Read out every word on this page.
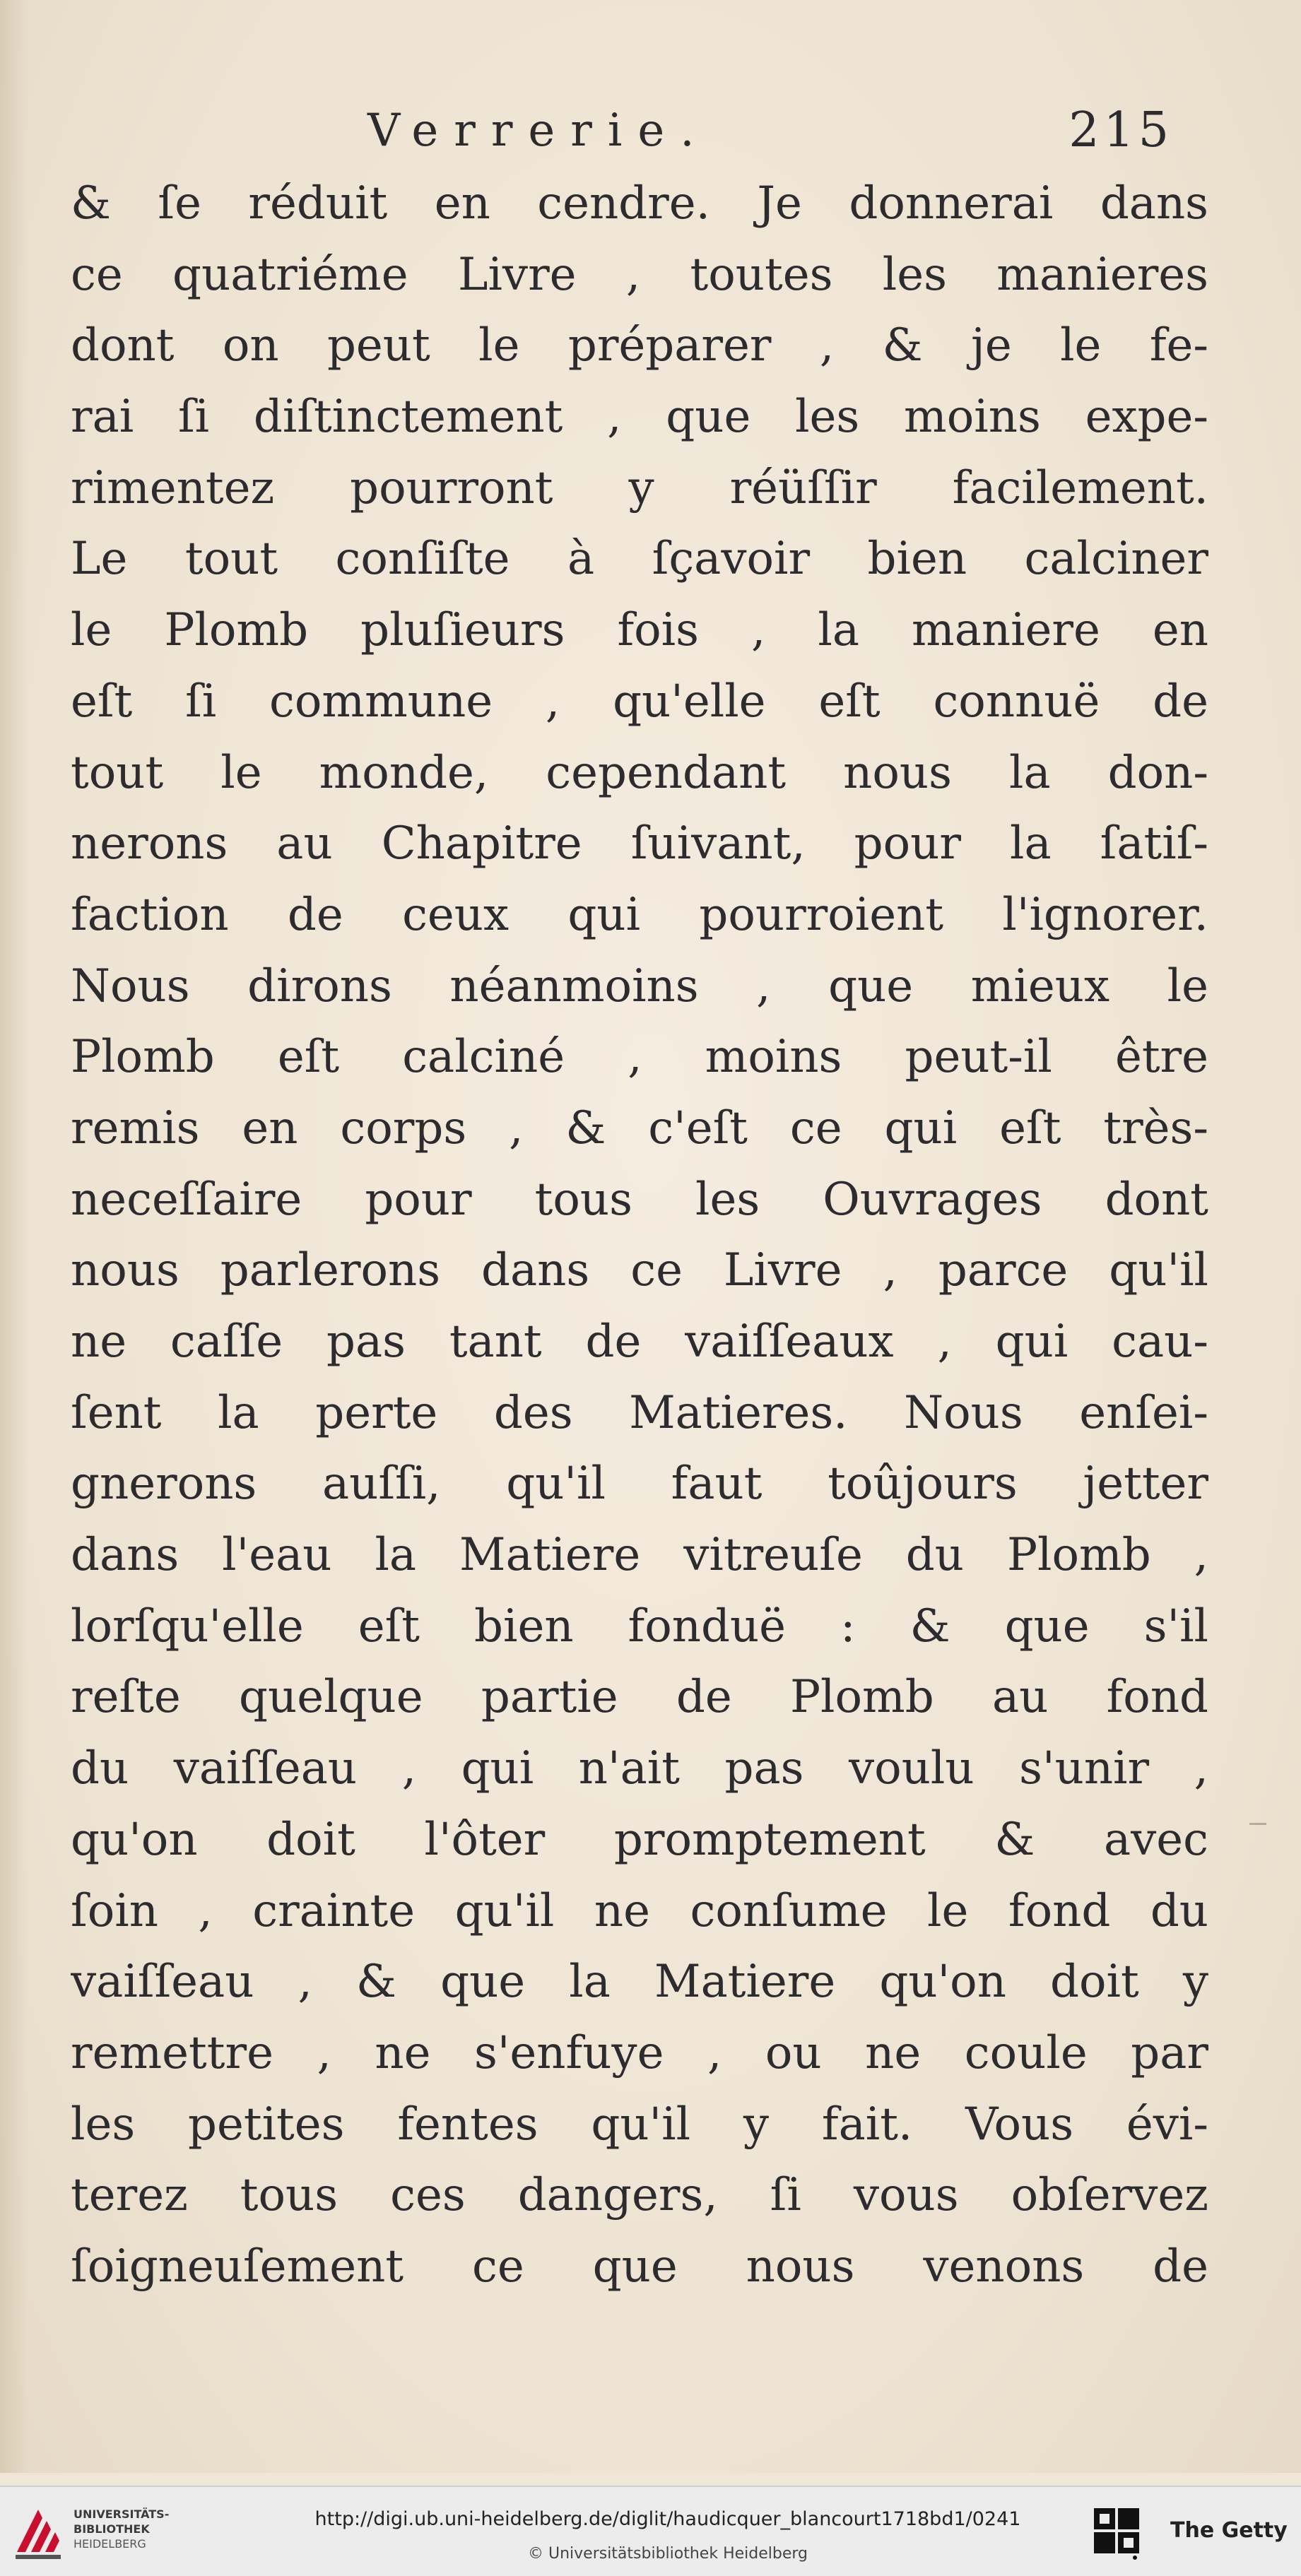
Verrerie.	215
& ſe réduit en cendre. Je donnerai dans
ce quatriéme Livre , toutes les manieres
dont on peut le préparer , & je le fe-
rai ſi diſtinctement , que les moins expe-
rimentez pourront y réüſſir facilement.
Le tout conſiſte à ſçavoir bien calciner
le Plomb pluſieurs fois , la maniere en
eſt ſi commune , qu'elle eſt connuë de
tout le monde, cependant nous la don-
nerons au Chapitre ſuivant, pour la ſatiſ-
faction de ceux qui pourroient l'ignorer.
Nous dirons néanmoins , que mieux le
Plomb eſt calciné , moins peut-il être
remis en corps , & c'eſt ce qui eſt très-
neceſſaire pour tous les Ouvrages dont
nous parlerons dans ce Livre , parce qu'il
ne caſſe pas tant de vaiſſeaux , qui cau-
ſent la perte des Matieres. Nous enſei-
gnerons auſſi, qu'il faut toûjours jetter
dans l'eau la Matiere vitreuſe du Plomb ,
lorſqu'elle eſt bien fonduë : & que s'il
reſte quelque partie de Plomb au fond
du vaiſſeau , qui n'ait pas voulu s'unir ,
qu'on doit l'ôter promptement & avec
ſoin , crainte qu'il ne conſume le fond du
vaiſſeau , & que la Matiere qu'on doit y
remettre , ne s'enfuye , ou ne coule par
les petites fentes qu'il y fait. Vous évi-
terez tous ces dangers, ſi vous obſervez
ſoigneuſement ce que nous venons de
UNIVERSITÄTS-
BIBLIOTHEK
HEIDELBERG
http://digi.ub.uni-heidelberg.de/diglit/haudicquer_blancourt1718bd1/0241
© Universitätsbibliothek Heidelberg
The Getty
